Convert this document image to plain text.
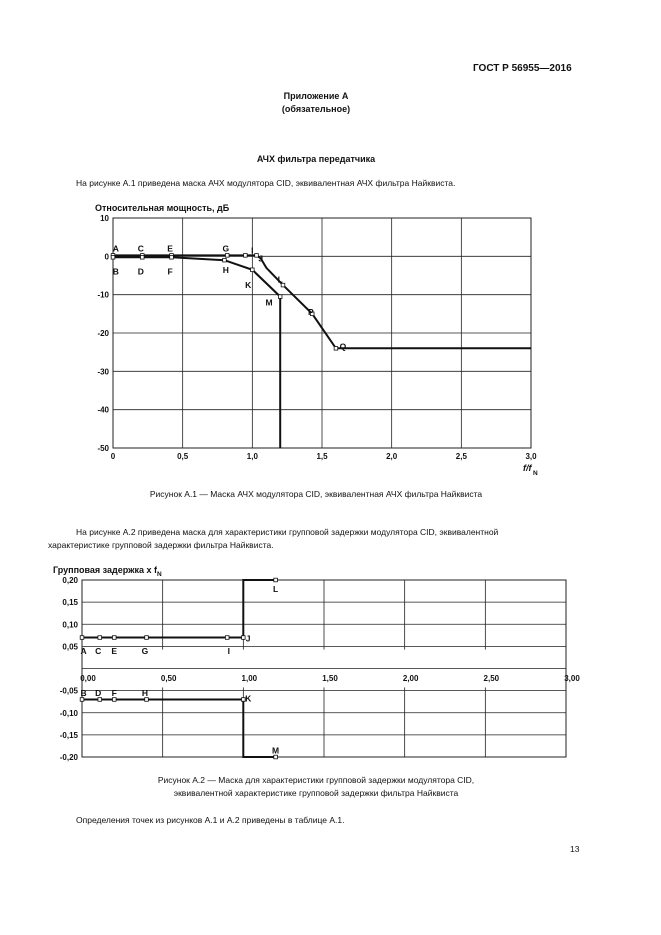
ГОСТ Р 56955—2016
Приложение А
(обязательное)
АЧХ фильтра передатчика
На рисунке А.1 приведена маска АЧХ модулятора CID, эквивалентная АЧХ фильтра Найквиста.
0	0,5	1,0	1,5	2,0	2,5	3,0
10
0
-10
-20
-30
-40
-50
A C	E	G	I
J
B D	F	H
K
L
M
P
Q
Относительная мощность, дБ
f/f
N
Рисунок А.1 — Маска АЧХ модулятора CID, эквивалентная АЧХ фильтра Найквиста
На рисунке А.2 приведена маска для характеристики групповой задержки модулятора CID, эквивалентной
характеристике групповой задержки фильтра Найквиста.
0,00	0,50	1,00	1,50	2,00	2,50	3,00
0,20
0,15
0,10
0,05
-0,05
-0,10
-0,15
-0,20
A C E	G	I
J
L
B D F	H
K
M
Групповая задержка x f N
Рисунок А.2 — Маска для характеристики групповой задержки модулятора CID,
эквивалентной характеристике групповой задержки фильтра Найквиста
Определения точек из рисунков А.1 и А.2 приведены в таблице А.1.
13
